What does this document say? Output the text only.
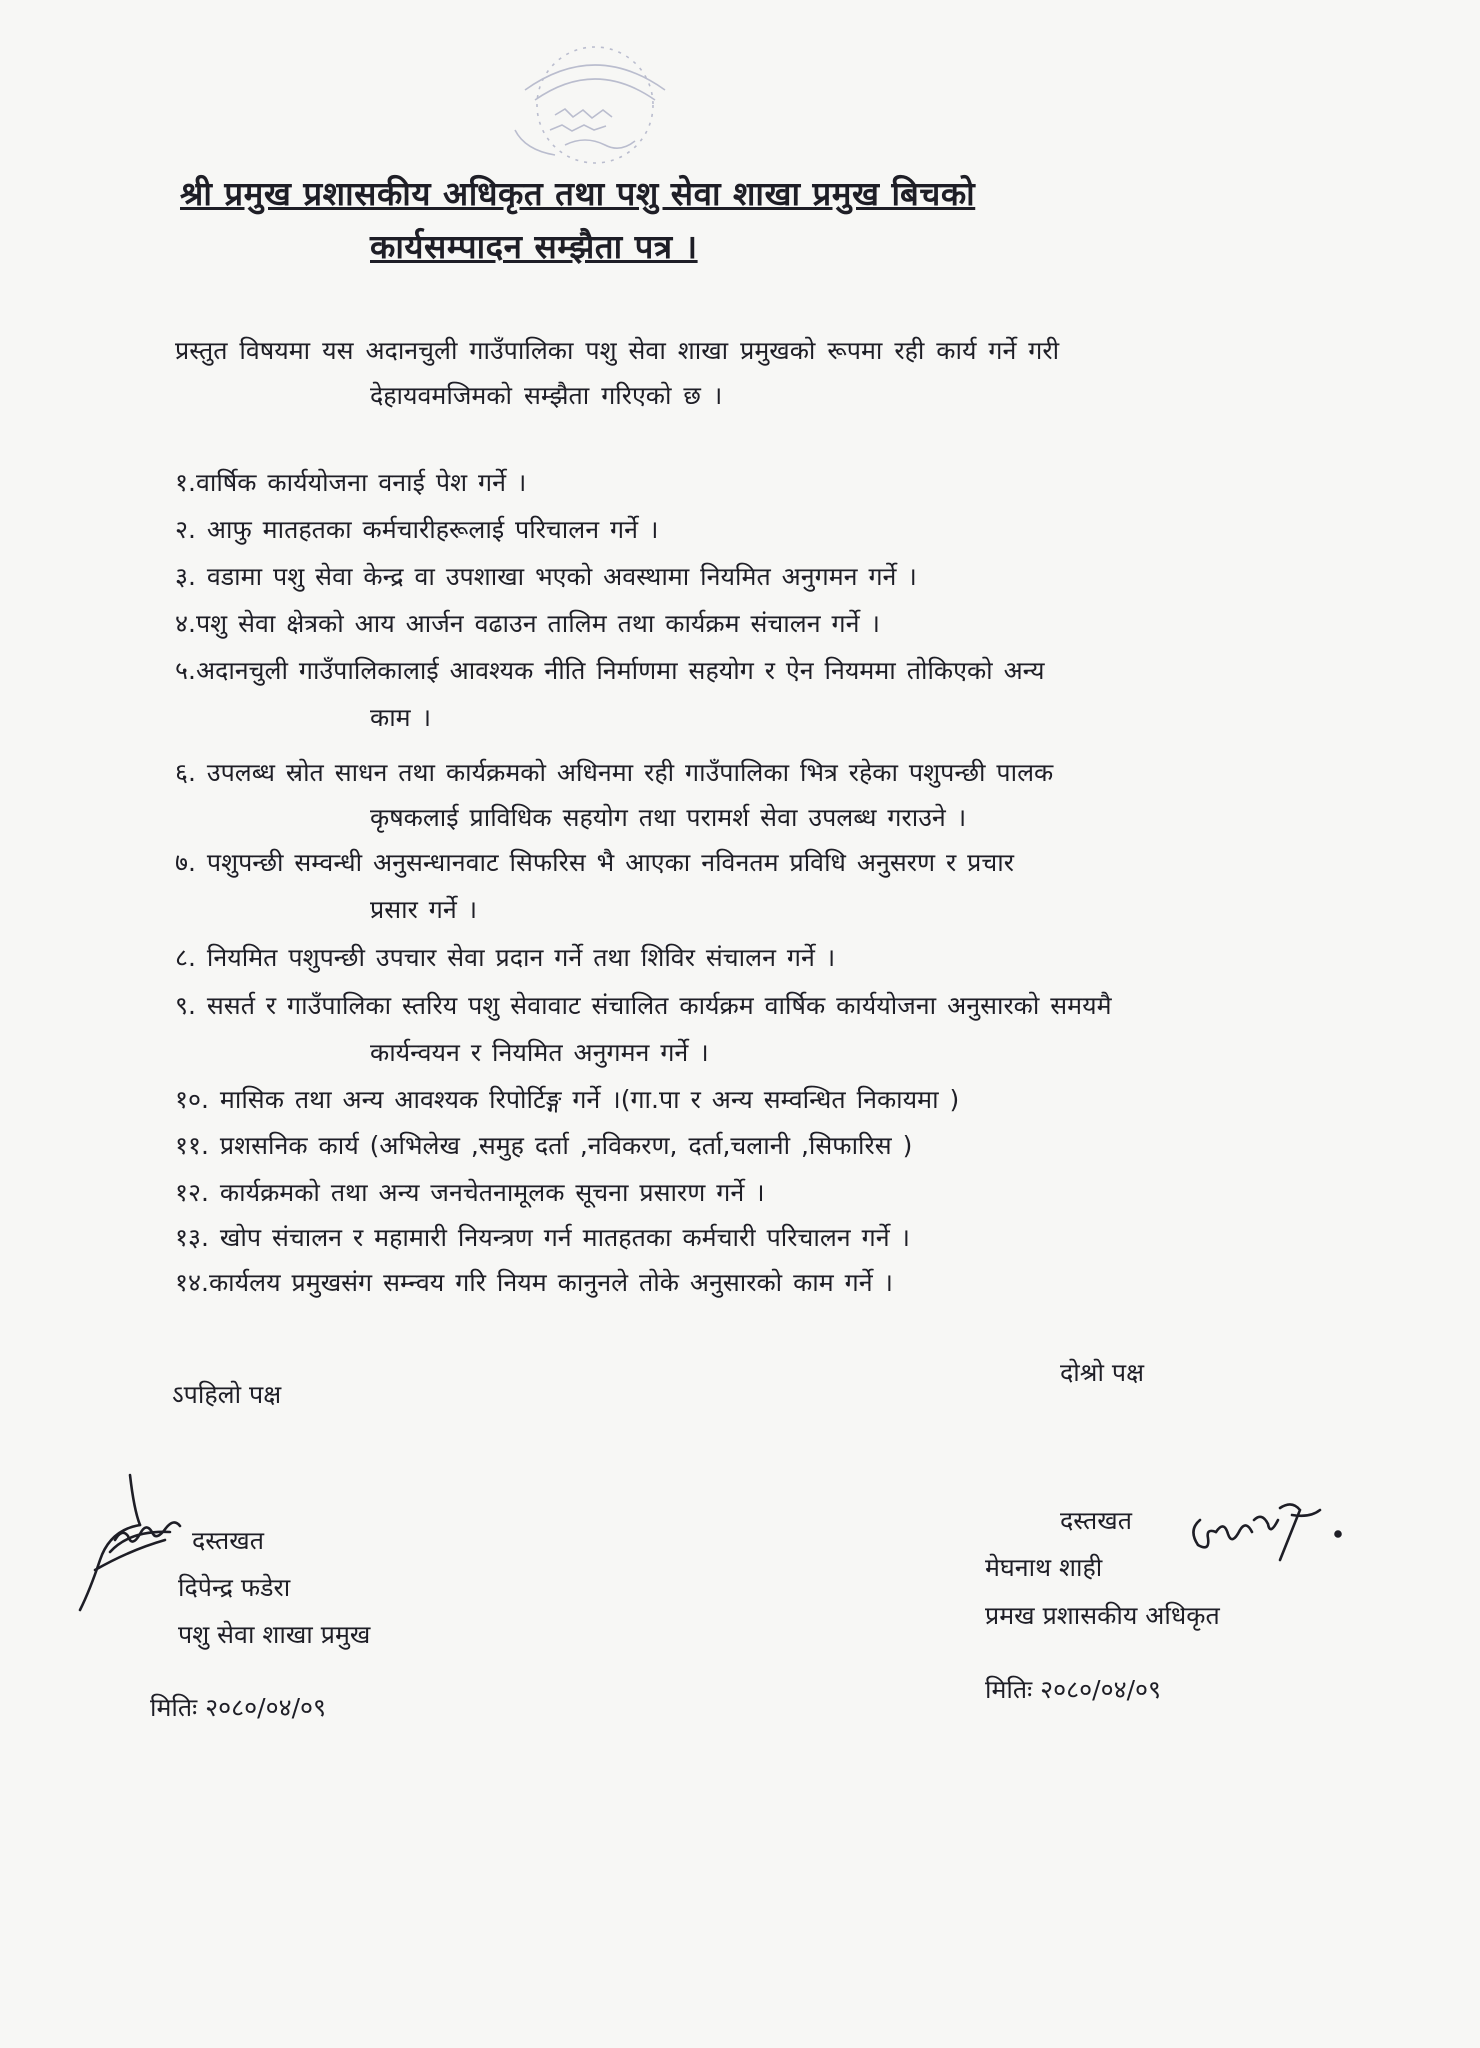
श्री प्रमुख प्रशासकीय अधिकृत तथा पशु सेवा शाखा प्रमुख बिचको
कार्यसम्पादन सम्झैता पत्र ।
प्रस्तुत विषयमा यस अदानचुली गाउँपालिका पशु सेवा शाखा प्रमुखको रूपमा रही कार्य गर्ने गरी
देहायवमजिमको सम्झैता गरिएको छ ।
१.वार्षिक कार्ययोजना वनाई पेश गर्ने ।
२. आफु मातहतका कर्मचारीहरूलाई परिचालन गर्ने ।
३. वडामा पशु सेवा केन्द्र वा उपशाखा भएको अवस्थामा नियमित अनुगमन गर्ने ।
४.पशु सेवा क्षेत्रको आय आर्जन वढाउन तालिम तथा कार्यक्रम संचालन गर्ने ।
५.अदानचुली गाउँपालिकालाई आवश्यक नीति निर्माणमा सहयोग र ऐन नियममा तोकिएको अन्य
काम ।
६. उपलब्ध स्रोत साधन तथा कार्यक्रमको अधिनमा रही गाउँपालिका भित्र रहेका पशुपन्छी पालक
कृषकलाई प्राविधिक सहयोग तथा परामर्श सेवा उपलब्ध गराउने ।
७. पशुपन्छी सम्वन्धी अनुसन्धानवाट सिफरिस भै आएका नविनतम प्रविधि अनुसरण र प्रचार
प्रसार गर्ने ।
८. नियमित पशुपन्छी उपचार सेवा प्रदान गर्ने तथा शिविर संचालन गर्ने ।
९. ससर्त र गाउँपालिका स्तरिय पशु सेवावाट संचालित कार्यक्रम वार्षिक कार्ययोजना अनुसारको समयमै
कार्यन्वयन र नियमित अनुगमन गर्ने ।
१०. मासिक तथा अन्य आवश्यक रिपोर्टिङ्ग गर्ने ।(गा.पा र अन्य सम्वन्धित निकायमा )
११. प्रशसनिक कार्य (अभिलेख ,समुह दर्ता ,नविकरण, दर्ता,चलानी ,सिफारिस )
१२. कार्यक्रमको तथा अन्य जनचेतनामूलक सूचना प्रसारण गर्ने ।
१३. खोप संचालन र महामारी नियन्त्रण गर्न मातहतका कर्मचारी परिचालन गर्ने ।
१४.कार्यलय प्रमुखसंग सम्न्वय गरि नियम कानुनले तोके अनुसारको काम गर्ने ।
दोश्रो पक्ष
ऽपहिलो पक्ष
दस्तखत
दिपेन्द्र फडेरा
पशु सेवा शाखा प्रमुख
मितिः २०८०/०४/०९
दस्तखत
मेघनाथ शाही
प्रमख प्रशासकीय अधिकृत
मितिः २०८०/०४/०९
